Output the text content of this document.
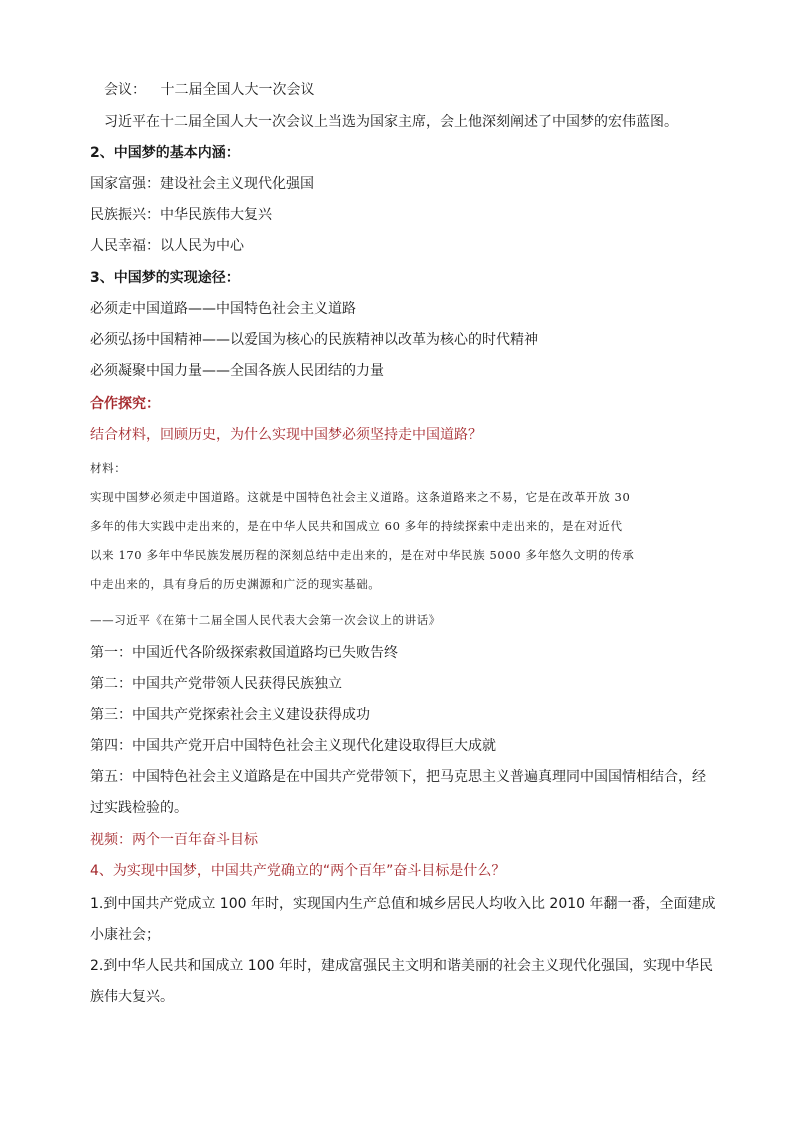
会议： 十二届全国人大一次会议
习近平在十二届全国人大一次会议上当选为国家主席，会上他深刻阐述了中国梦的宏伟蓝图。
2、中国梦的基本内涵：
国家富强：建设社会主义现代化强国
民族振兴：中华民族伟大复兴
人民幸福：以人民为中心
3、中国梦的实现途径：
必须走中国道路——中国特色社会主义道路
必须弘扬中国精神——以爱国为核心的民族精神以改革为核心的时代精神
必须凝聚中国力量——全国各族人民团结的力量
合作探究：
结合材料，回顾历史，为什么实现中国梦必须坚持走中国道路？
材料：
实现中国梦必须走中国道路。这就是中国特色社会主义道路。这条道路来之不易，它是在改革开放 30
多年的伟大实践中走出来的，是在中华人民共和国成立 60 多年的持续探索中走出来的，是在对近代
以来 170 多年中华民族发展历程的深刻总结中走出来的，是在对中华民族 5000 多年悠久文明的传承
中走出来的，具有身后的历史渊源和广泛的现实基础。
——习近平《在第十二届全国人民代表大会第一次会议上的讲话》
第一：中国近代各阶级探索救国道路均已失败告终
第二：中国共产党带领人民获得民族独立
第三：中国共产党探索社会主义建设获得成功
第四：中国共产党开启中国特色社会主义现代化建设取得巨大成就
第五：中国特色社会主义道路是在中国共产党带领下，把马克思主义普遍真理同中国国情相结合，经
过实践检验的。
视频：两个一百年奋斗目标
4、为实现中国梦，中国共产党确立的“两个百年”奋斗目标是什么？
1.到中国共产党成立 100 年时，实现国内生产总值和城乡居民人均收入比 2010 年翻一番，全面建成
小康社会；
2.到中华人民共和国成立 100 年时，建成富强民主文明和谐美丽的社会主义现代化强国，实现中华民
族伟大复兴。
